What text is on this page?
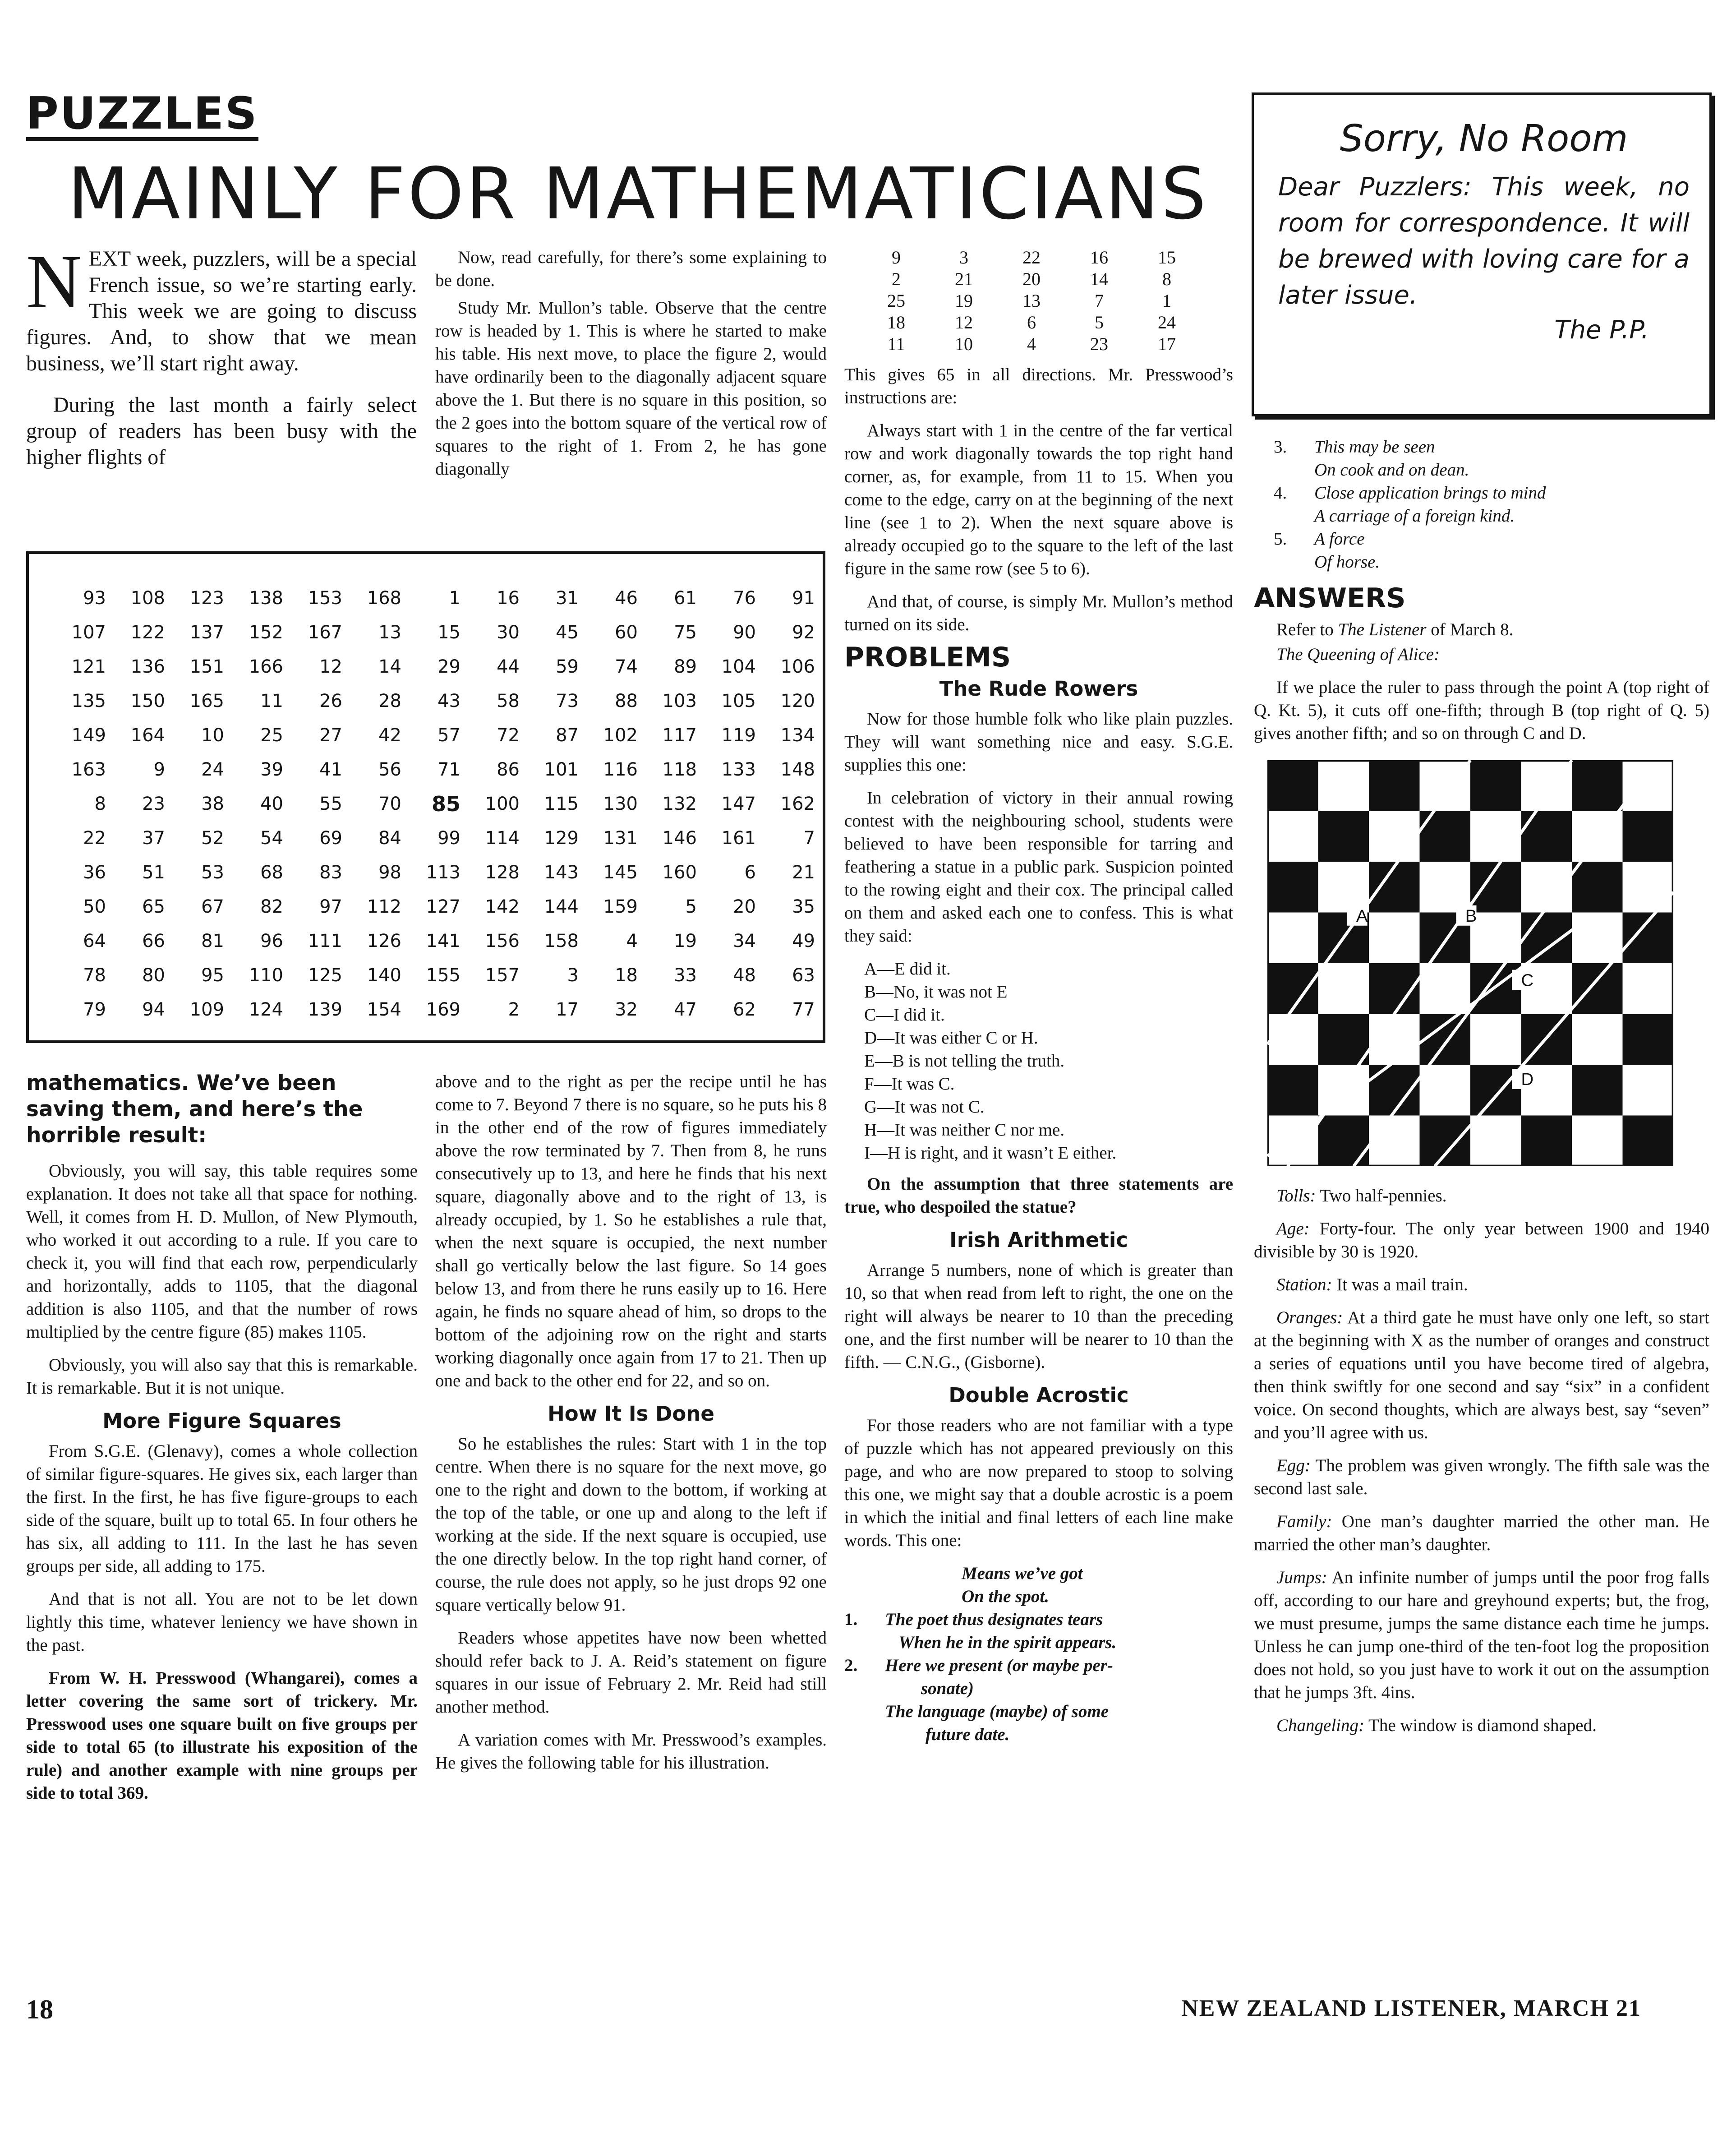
PUZZLES
MAINLY FOR MATHEMATICIANS

N EXT week, puzzlers, will be a special French issue, so we’re starting early. This week we are going to discuss figures. And, to show that we mean business, we’ll start right away.

During the last month a fairly select group of readers has been busy with the higher flights of

Now, read carefully, for there’s some explaining to be done.

Study Mr. Mullon’s table. Observe that the centre row is headed by 1. This is where he started to make his table. His next move, to place the figure 2, would have ordinarily been to the diagonally adjacent square above the 1. But there is no square in this position, so the 2 goes into the bottom square of the vertical row of squares to the right of 1. From 2, he has gone diagonally

93	108	123	138	153	168	1	16	31	46	61	76	91
107	122	137	152	167	13	15	30	45	60	75	90	92
121	136	151	166	12	14	29	44	59	74	89	104	106
135	150	165	11	26	28	43	58	73	88	103	105	120
149	164	10	25	27	42	57	72	87	102	117	119	134
163	9	24	39	41	56	71	86	101	116	118	133	148
8	23	38	40	55	70	85	100	115	130	132	147	162
22	37	52	54	69	84	99	114	129	131	146	161	7
36	51	53	68	83	98	113	128	143	145	160	6	21
50	65	67	82	97	112	127	142	144	159	5	20	35
64	66	81	96	111	126	141	156	158	4	19	34	49
78	80	95	110	125	140	155	157	3	18	33	48	63
79	94	109	124	139	154	169	2	17	32	47	62	77

mathematics. We’ve been saving them, and here’s the horrible result:

Obviously, you will say, this table requires some explanation. It does not take all that space for nothing. Well, it comes from H. D. Mullon, of New Plymouth, who worked it out according to a rule. If you care to check it, you will find that each row, perpendicularly and horizontally, adds to 1105, that the diagonal addition is also 1105, and that the number of rows multiplied by the centre figure (85) makes 1105.

Obviously, you will also say that this is remarkable. It is remarkable. But it is not unique.

More Figure Squares

From S.G.E. (Glenavy), comes a whole collection of similar figure-squares. He gives six, each larger than the first. In the first, he has five figure-groups to each side of the square, built up to total 65. In four others he has six, all adding to 111. In the last he has seven groups per side, all adding to 175.

And that is not all. You are not to be let down lightly this time, whatever leniency we have shown in the past.

From W. H. Presswood (Whangarei), comes a letter covering the same sort of trickery. Mr. Presswood uses one square built on five groups per side to total 65 (to illustrate his exposition of the rule) and another example with nine groups per side to total 369.

above and to the right as per the recipe until he has come to 7. Beyond 7 there is no square, so he puts his 8 in the other end of the row of figures immediately above the row terminated by 7. Then from 8, he runs consecutively up to 13, and here he finds that his next square, diagonally above and to the right of 13, is already occupied, by 1. So he establishes a rule that, when the next square is occupied, the next number shall go vertically below the last figure. So 14 goes below 13, and from there he runs easily up to 16. Here again, he finds no square ahead of him, so drops to the bottom of the adjoining row on the right and starts working diagonally once again from 17 to 21. Then up one and back to the other end for 22, and so on.

How It Is Done

So he establishes the rules: Start with 1 in the top centre. When there is no square for the next move, go one to the right and down to the bottom, if working at the top of the table, or one up and along to the left if working at the side. If the next square is occupied, use the one directly below. In the top right hand corner, of course, the rule does not apply, so he just drops 92 one square vertically below 91.

Readers whose appetites have now been whetted should refer back to J. A. Reid’s statement on figure squares in our issue of February 2. Mr. Reid had still another method.

A variation comes with Mr. Presswood’s examples. He gives the following table for his illustration.

9	3	22	16	15
2	21	20	14	8
25	19	13	7	1
18	12	6	5	24
11	10	4	23	17

This gives 65 in all directions. Mr. Presswood’s instructions are:

Always start with 1 in the centre of the far vertical row and work diagonally towards the top right hand corner, as, for example, from 11 to 15. When you come to the edge, carry on at the beginning of the next line (see 1 to 2). When the next square above is already occupied go to the square to the left of the last figure in the same row (see 5 to 6).

And that, of course, is simply Mr. Mullon’s method turned on its side.

PROBLEMS
The Rude Rowers

Now for those humble folk who like plain puzzles. They will want something nice and easy. S.G.E. supplies this one:

In celebration of victory in their annual rowing contest with the neighbouring school, students were believed to have been responsible for tarring and feathering a statue in a public park. Suspicion pointed to the rowing eight and their cox. The principal called on them and asked each one to confess. This is what they said:

A—E did it.

B—No, it was not E

C—I did it.

D—It was either C or H.

E—B is not telling the truth.

F—It was C.

G—It was not C.

H—It was neither C nor me.

I—H is right, and it wasn’t E either.

On the assumption that three statements are true, who despoiled the statue?

Irish Arithmetic

Arrange 5 numbers, none of which is greater than 10, so that when read from left to right, the one on the right will always be nearer to 10 than the preceding one, and the first number will be nearer to 10 than the fifth. — C.N.G., (Gisborne).

Double Acrostic

For those readers who are not familiar with a type of puzzle which has not appeared previously on this page, and who are now prepared to stoop to solving this one, we might say that a double acrostic is a poem in which the initial and final letters of each line make words. This one:

Means we’ve got
On the spot.
1.	The poet thus designates tears
When he in the spirit appears.
2.	Here we present (or maybe per-
sonate)
The language (maybe) of some
future date.
Sorry, No Room
Dear Puzzlers: This week, no room for correspondence. It will be brewed with loving care for a later issue.
The P.P.
3.	This may be seen
On cook and on dean.
4.	Close application brings to mind
A carriage of a foreign kind.
5.	A force
Of horse.
ANSWERS

Refer to The Listener of March 8.

The Queening of Alice:

If we place the ruler to pass through the point A (top right of Q. Kt. 5), it cuts off one-fifth; through B (top right of Q. 5) gives another fifth; and so on through C and D.

A	B
C
D

Tolls: Two half-pennies.

Age: Forty-four. The only year between 1900 and 1940 divisible by 30 is 1920.

Station: It was a mail train.

Oranges: At a third gate he must have only one left, so start at the beginning with X as the number of oranges and construct a series of equations until you have become tired of algebra, then think swiftly for one second and say “six” in a confident voice. On second thoughts, which are always best, say “seven” and you’ll agree with us.

Egg: The problem was given wrongly. The fifth sale was the second last sale.

Family: One man’s daughter married the other man. He married the other man’s daughter.

Jumps: An infinite number of jumps until the poor frog falls off, according to our hare and greyhound experts; but, the frog, we must presume, jumps the same distance each time he jumps. Unless he can jump one-third of the ten-foot log the proposition does not hold, so you just have to work it out on the assumption that he jumps 3ft. 4ins.

Changeling: The window is diamond shaped.

18	NEW ZEALAND LISTENER, MARCH 21
